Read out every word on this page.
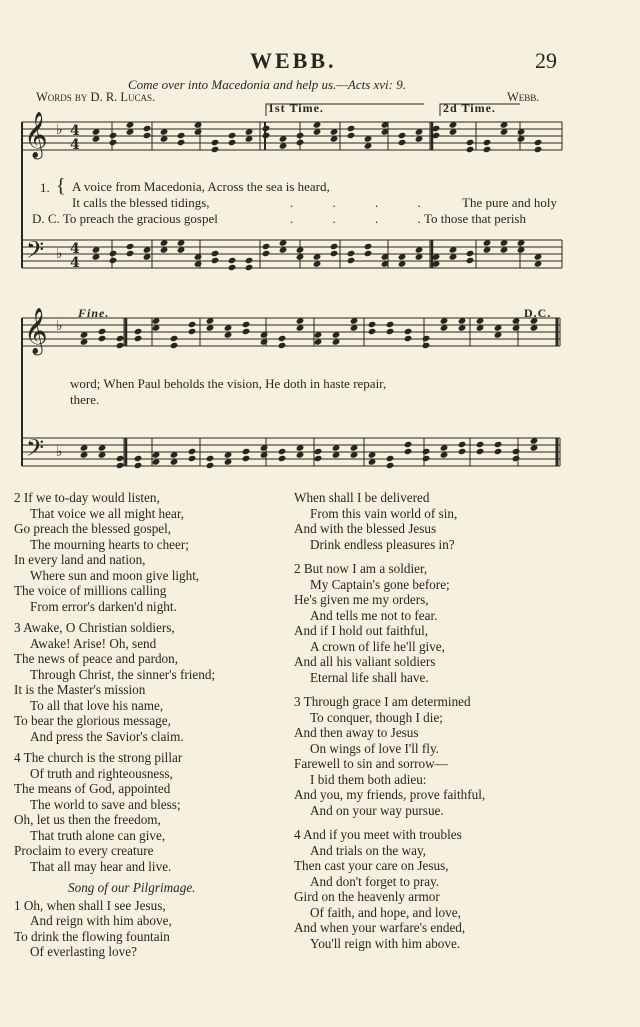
WEBB.	29
Come over into Macedonia and help us.—Acts xvi: 9.
Words by D. R. Lucas.	Webb.
𝄞 ♭ 4
4
𝄢 ♭ 4
4
𝄞 ♭
𝄢 ♭
1st Time.	2d Time.
Fine.	D.C.
1. { A voice from Macedonia, Across the sea is heard,
It calls the blessed tidings,	. . . . The pure and holy
D. C. To preach the gracious gospel	. . . .
To those that perish
word; When Paul beholds the vision, He doth in haste repair,
there.
2 If we to-day would listen,
That voice we all might hear,
Go preach the blessed gospel,
The mourning hearts to cheer;
In every land and nation,
Where sun and moon give light,
The voice of millions calling
From error's darken'd night.
3 Awake, O Christian soldiers,
Awake! Arise! Oh, send
The news of peace and pardon,
Through Christ, the sinner's friend;
It is the Master's mission
To all that love his name,
To bear the glorious message,
And press the Savior's claim.
4 The church is the strong pillar
Of truth and righteousness,
The means of God, appointed
The world to save and bless;
Oh, let us then the freedom,
That truth alone can give,
Proclaim to every creature
That all may hear and live.
Song of our Pilgrimage.
1 Oh, when shall I see Jesus,
And reign with him above,
To drink the flowing fountain
Of everlasting love?
When shall I be delivered
From this vain world of sin,
And with the blessed Jesus
Drink endless pleasures in?
2 But now I am a soldier,
My Captain's gone before;
He's given me my orders,
And tells me not to fear.
And if I hold out faithful,
A crown of life he'll give,
And all his valiant soldiers
Eternal life shall have.
3 Through grace I am determined
To conquer, though I die;
And then away to Jesus
On wings of love I'll fly.
Farewell to sin and sorrow—
I bid them both adieu:
And you, my friends, prove faithful,
And on your way pursue.
4 And if you meet with troubles
And trials on the way,
Then cast your care on Jesus,
And don't forget to pray.
Gird on the heavenly armor
Of faith, and hope, and love,
And when your warfare's ended,
You'll reign with him above.
